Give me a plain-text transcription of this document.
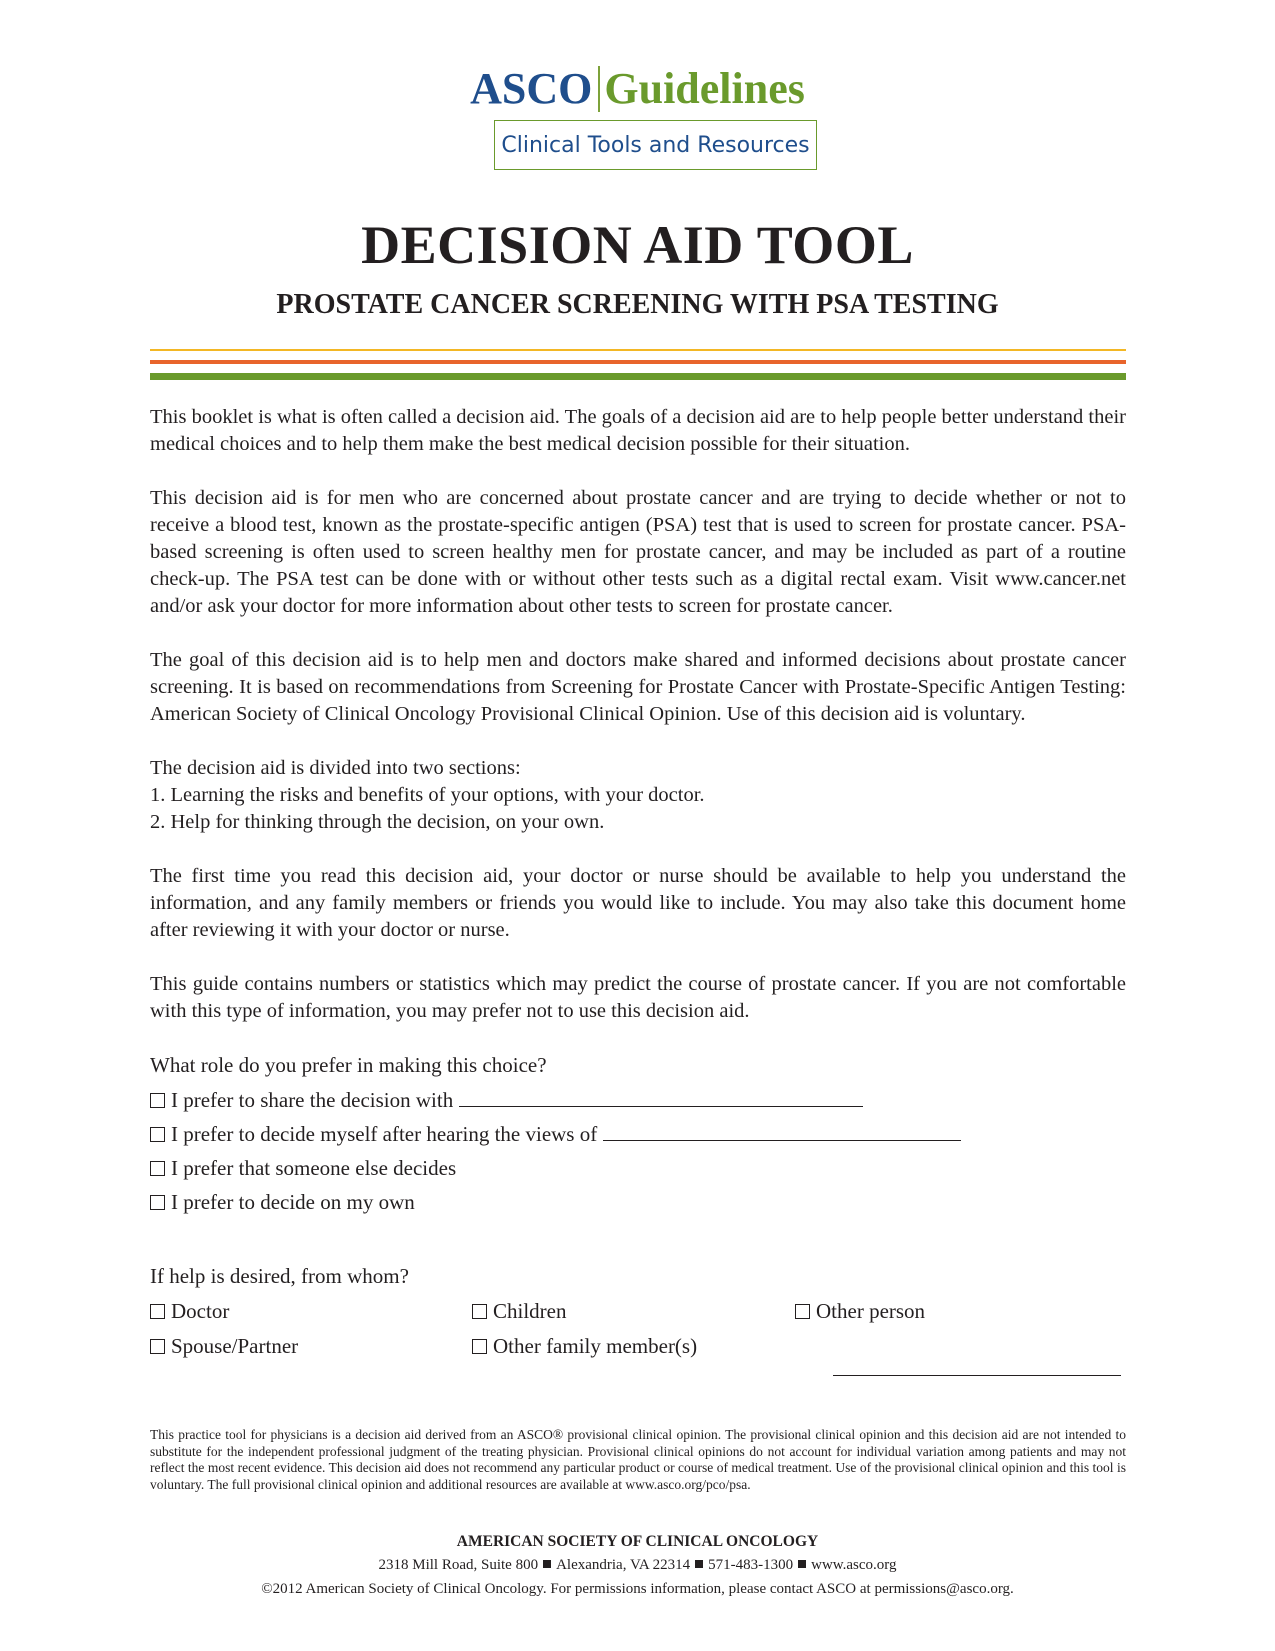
ASCO Guidelines
Clinical Tools and Resources
DECISION AID TOOL
PROSTATE CANCER SCREENING WITH PSA TESTING

This booklet is what is often called a decision aid. The goals of a decision aid are to help people better understand their medical choices and to help them make the best medical decision possible for their situation.

This decision aid is for men who are concerned about prostate cancer and are trying to decide whether or not to receive a blood test, known as the prostate-specific antigen (PSA) test that is used to screen for prostate cancer. PSA-based screening is often used to screen healthy men for prostate cancer, and may be included as part of a routine check-up. The PSA test can be done with or without other tests such as a digital rectal exam. Visit www.cancer.net and/or ask your doctor for more information about other tests to screen for prostate cancer.

The goal of this decision aid is to help men and doctors make shared and informed decisions about prostate cancer screening. It is based on recommendations from Screening for Prostate Cancer with Prostate-Specific Antigen Testing: American Society of Clinical Oncology Provisional Clinical Opinion. Use of this decision aid is voluntary.

The decision aid is divided into two sections:

1. Learning the risks and benefits of your options, with your doctor.
2. Help for thinking through the decision, on your own.

The first time you read this decision aid, your doctor or nurse should be available to help you understand the information, and any family members or friends you would like to include. You may also take this document home after reviewing it with your doctor or nurse.

This guide contains numbers or statistics which may predict the course of prostate cancer. If you are not comfortable with this type of information, you may prefer not to use this decision aid.

What role do you prefer in making this choice?
I prefer to share the decision with
I prefer to decide myself after hearing the views of
I prefer that someone else decides
I prefer to decide on my own
If help is desired, from whom?
Doctor	Children	Other person
Spouse/Partner	Other family member(s)

This practice tool for physicians is a decision aid derived from an ASCO® provisional clinical opinion. The provisional clinical opinion and this decision aid are not intended to substitute for the independent professional judgment of the treating physician. Provisional clinical opinions do not account for individual variation among patients and may not reflect the most recent evidence. This decision aid does not recommend any particular product or course of medical treatment. Use of the provisional clinical opinion and this tool is voluntary. The full provisional clinical opinion and additional resources are available at www.asco.org/pco/psa.

AMERICAN SOCIETY OF CLINICAL ONCOLOGY

2318 Mill Road, Suite 800 Alexandria, VA 22314 571-483-1300 www.asco.org

©2012 American Society of Clinical Oncology. For permissions information, please contact ASCO at permissions@asco.org.
